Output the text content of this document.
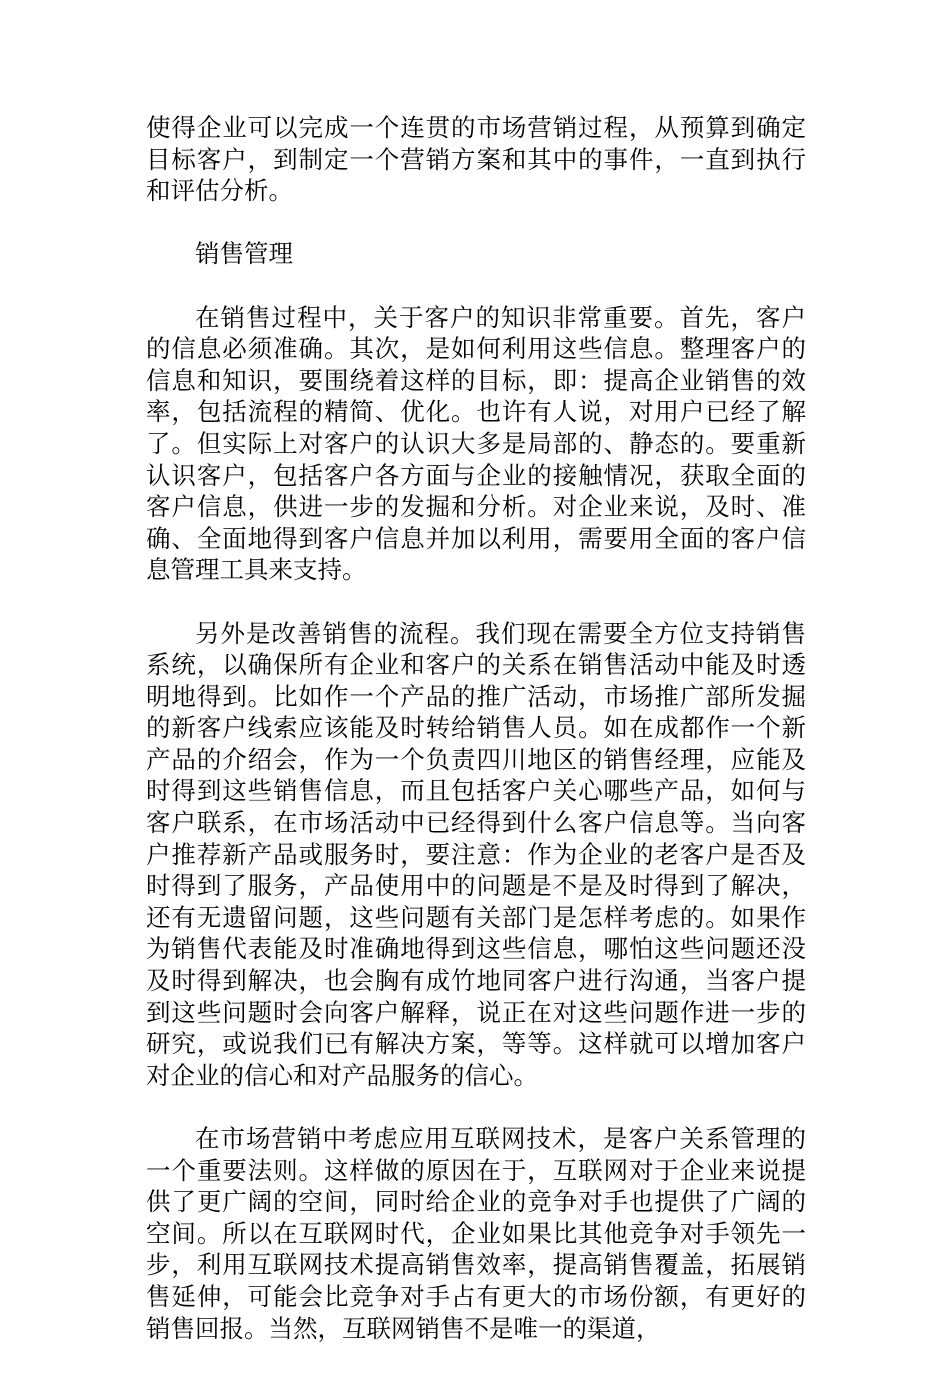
使得企业可以完成一个连贯的市场营销过程，从预算到确定目标客户，到制定一个营销方案和其中的事件，一直到执行和评估分析。

销售管理

在销售过程中，关于客户的知识非常重要。首先，客户的信息必须准确。其次，是如何利用这些信息。整理客户的信息和知识，要围绕着这样的目标，即：提高企业销售的效率，包括流程的精简、优化。也许有人说，对用户已经了解了。但实际上对客户的认识大多是局部的、静态的。要重新认识客户，包括客户各方面与企业的接触情况，获取全面的客户信息，供进一步的发掘和分析。对企业来说，及时、准确、全面地得到客户信息并加以利用，需要用全面的客户信息管理工具来支持。

另外是改善销售的流程。我们现在需要全方位支持销售系统，以确保所有企业和客户的关系在销售活动中能及时透明地得到。比如作一个产品的推广活动，市场推广部所发掘的新客户线索应该能及时转给销售人员。如在成都作一个新产品的介绍会，作为一个负责四川地区的销售经理，应能及时得到这些销售信息，而且包括客户关心哪些产品，如何与客户联系，在市场活动中已经得到什么客户信息等。当向客户推荐新产品或服务时，要注意：作为企业的老客户是否及时得到了服务，产品使用中的问题是不是及时得到了解决，还有无遗留问题，这些问题有关部门是怎样考虑的。如果作为销售代表能及时准确地得到这些信息，哪怕这些问题还没及时得到解决，也会胸有成竹地同客户进行沟通，当客户提到这些问题时会向客户解释，说正在对这些问题作进一步的研究，或说我们已有解决方案，等等。这样就可以增加客户对企业的信心和对产品服务的信心。

在市场营销中考虑应用互联网技术，是客户关系管理的一个重要法则。这样做的原因在于，互联网对于企业来说提供了更广阔的空间，同时给企业的竞争对手也提供了广阔的空间。所以在互联网时代，企业如果比其他竞争对手领先一步，利用互联网技术提高销售效率，提高销售覆盖，拓展销售延伸，可能会比竞争对手占有更大的市场份额，有更好的销售回报。当然，互联网销售不是唯一的渠道，
